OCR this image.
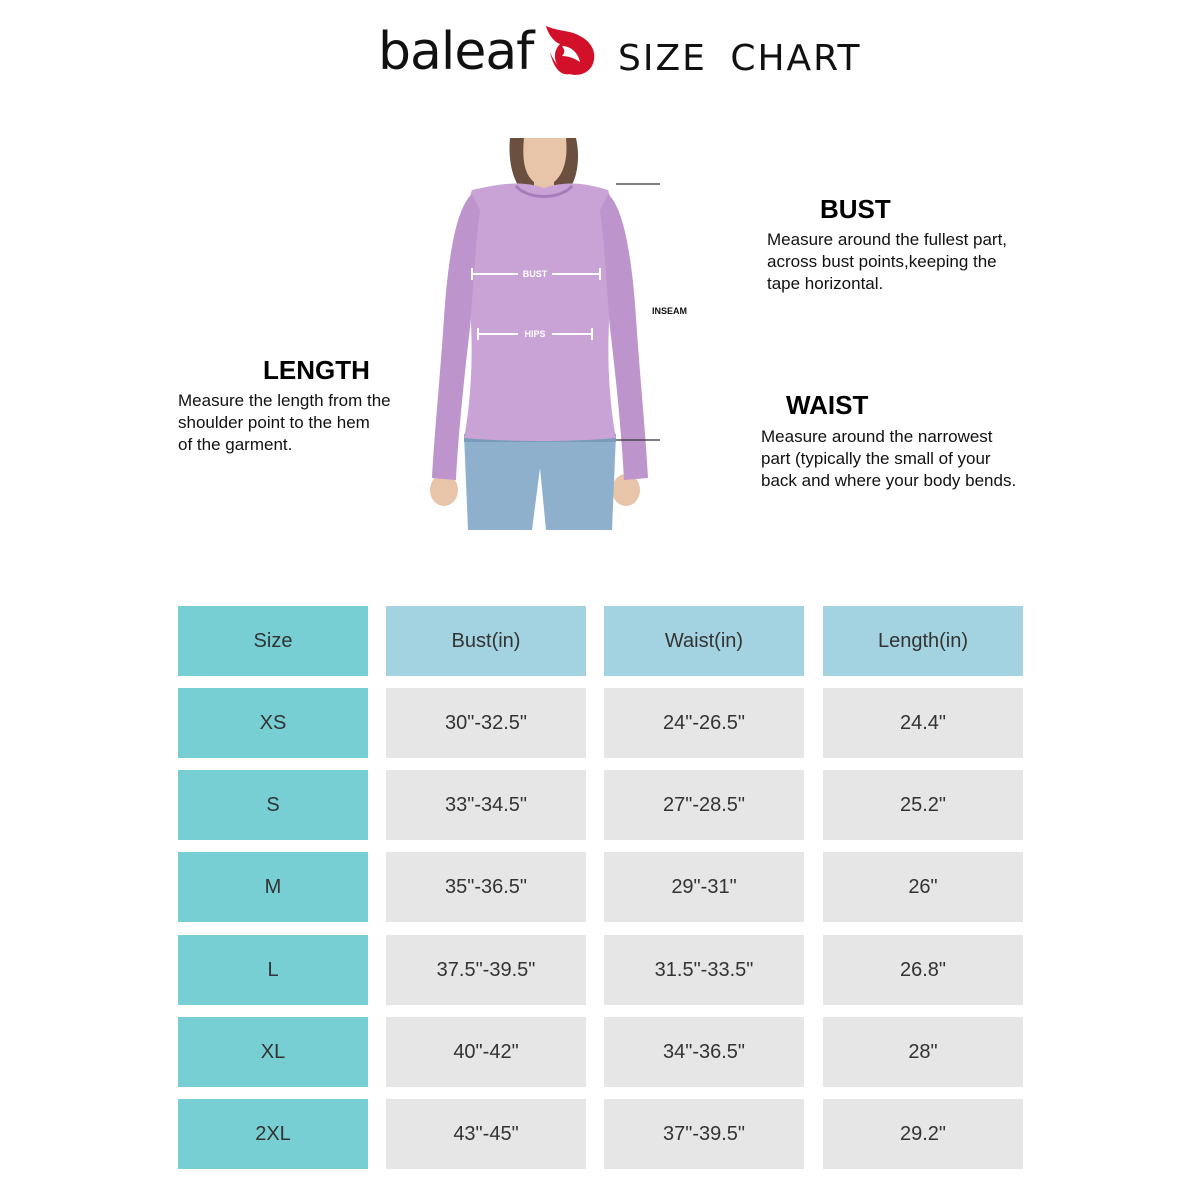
baleaf SIZE CHART
BUST
HIPS
INSEAM
BUST
Measure around the fullest part,
across bust points,keeping the
tape horizontal.
LENGTH
Measure the length from the
shoulder point to the hem
of the garment.
WAIST
Measure around the narrowest
part (typically the small of your
back and where your body bends.
Size	Bust(in)	Waist(in)	Length(in)
XS	30"-32.5"	24"-26.5"	24.4"
S	33"-34.5"	27"-28.5"	25.2"
M	35"-36.5"	29"-31"	26"
L	37.5"-39.5"	31.5"-33.5"	26.8"
XL	40"-42"	34"-36.5"	28"
2XL	43"-45"	37"-39.5"	29.2"
